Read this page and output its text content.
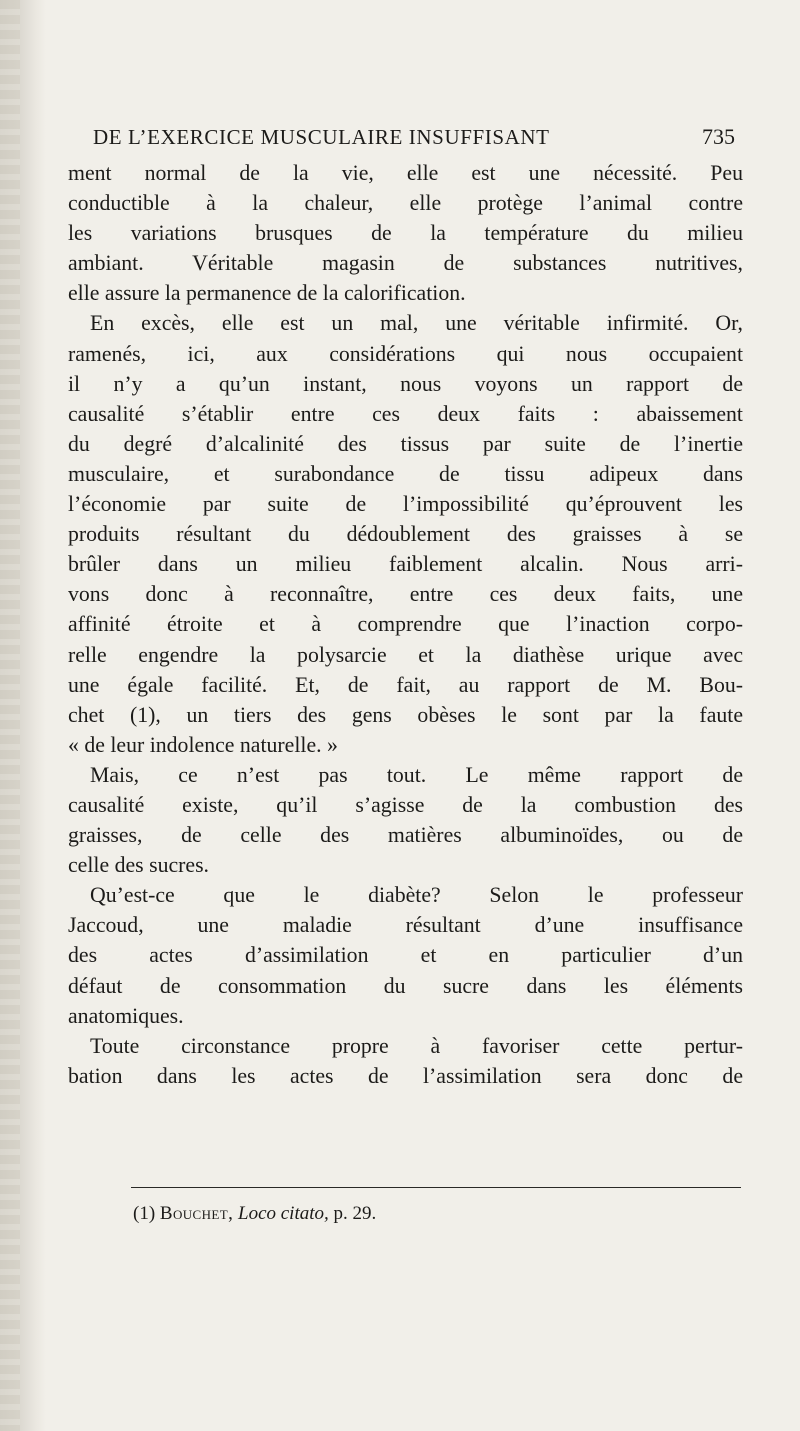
DE L’EXERCICE MUSCULAIRE INSUFFISANT	735
ment normal de la vie, elle est une nécessité. Peu
conductible à la chaleur, elle protège l’animal contre
les variations brusques de la température du milieu
ambiant. Véritable magasin de substances nutritives,
elle assure la permanence de la calorification.
En excès, elle est un mal, une véritable infirmité. Or,
ramenés, ici, aux considérations qui nous occupaient
il n’y a qu’un instant, nous voyons un rapport de
causalité s’établir entre ces deux faits : abaissement
du degré d’alcalinité des tissus par suite de l’inertie
musculaire, et surabondance de tissu adipeux dans
l’économie par suite de l’impossibilité qu’éprouvent les
produits résultant du dédoublement des graisses à se
brûler dans un milieu faiblement alcalin. Nous arri-
vons donc à reconnaître, entre ces deux faits, une
affinité étroite et à comprendre que l’inaction corpo-
relle engendre la polysarcie et la diathèse urique avec
une égale facilité. Et, de fait, au rapport de M. Bou-
chet (1), un tiers des gens obèses le sont par la faute
« de leur indolence naturelle. »
Mais, ce n’est pas tout. Le même rapport de
causalité existe, qu’il s’agisse de la combustion des
graisses, de celle des matières albuminoïdes, ou de
celle des sucres.
Qu’est-ce que le diabète? Selon le professeur
Jaccoud, une maladie résultant d’une insuffisance
des actes d’assimilation et en particulier d’un
défaut de consommation du sucre dans les éléments
anatomiques.
Toute circonstance propre à favoriser cette pertur-
bation dans les actes de l’assimilation sera donc de
(1) Bouchet, Loco citato, p. 29.
